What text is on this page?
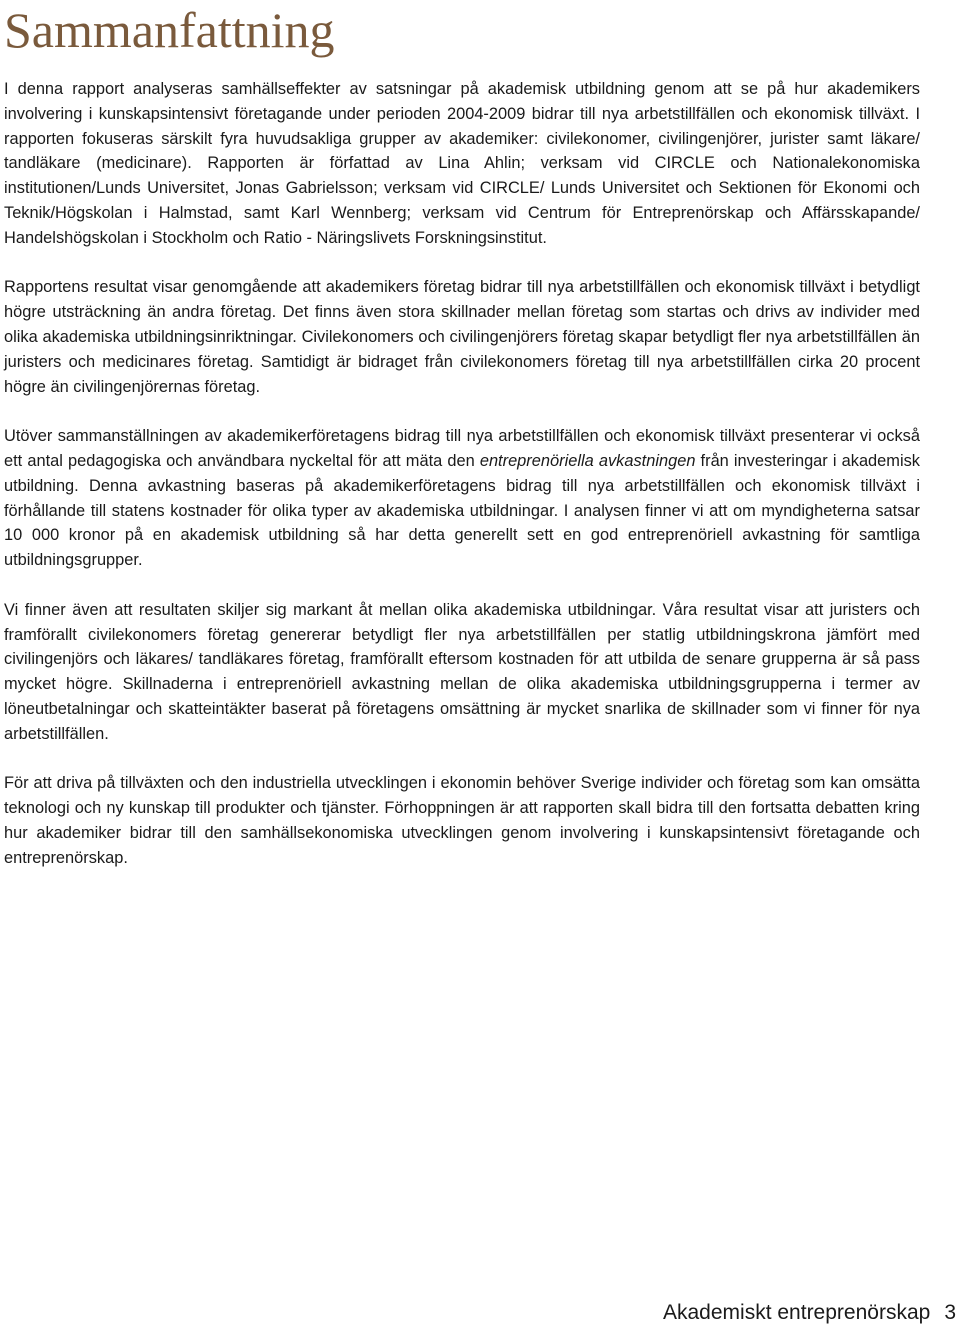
Sammanfattning

I denna rapport analyseras samhällseffekter av satsningar på akademisk utbildning genom att se på hur akademikers involvering i kunskapsintensivt företagande under perioden 2004-2009 bidrar till nya arbetstillfällen och ekonomisk tillväxt. I rapporten fokuseras särskilt fyra huvudsakliga grupper av akademiker: civilekonomer, civilingenjörer, jurister samt läkare/ tandläkare (medicinare). Rapporten är författad av Lina Ahlin; verksam vid CIRCLE och Nationalekonomiska institutionen/Lunds Universitet, Jonas Gabrielsson; verksam vid CIRCLE/ Lunds Universitet och Sektionen för Ekonomi och Teknik/Högskolan i Halmstad, samt Karl Wennberg; verksam vid Centrum för Entreprenörskap och Affärsskapande/ Handelshögskolan i Stockholm och Ratio - Näringslivets Forskningsinstitut.

Rapportens resultat visar genomgående att akademikers företag bidrar till nya arbetstillfällen och ekonomisk tillväxt i betydligt högre utsträckning än andra företag. Det finns även stora skillnader mellan företag som startas och drivs av individer med olika akademiska utbildningsinriktningar. Civilekonomers och civilingenjörers företag skapar betydligt fler nya arbetstillfällen än juristers och medicinares företag. Samtidigt är bidraget från civilekonomers företag till nya arbetstillfällen cirka 20 procent högre än civilingenjörernas företag.

Utöver sammanställningen av akademikerföretagens bidrag till nya arbetstillfällen och ekonomisk tillväxt presenterar vi också ett antal pedagogiska och användbara nyckeltal för att mäta den entreprenöriella avkastningen från investeringar i akademisk utbildning. Denna avkastning baseras på akademikerföretagens bidrag till nya arbetstillfällen och ekonomisk tillväxt i förhållande till statens kostnader för olika typer av akademiska utbildningar. I analysen finner vi att om myndigheterna satsar 10 000 kronor på en akademisk utbildning så har detta generellt sett en god entreprenöriell avkastning för samtliga utbildningsgrupper.

Vi finner även att resultaten skiljer sig markant åt mellan olika akademiska utbildningar. Våra resultat visar att juristers och framförallt civilekonomers företag genererar betydligt fler nya arbetstillfällen per statlig utbildningskrona jämfört med civilingenjörs och läkares/ tandläkares företag, framförallt eftersom kostnaden för att utbilda de senare grupperna är så pass mycket högre. Skillnaderna i entreprenöriell avkastning mellan de olika akademiska utbildningsgrupperna i termer av löneutbetalningar och skatteintäkter baserat på företagens omsättning är mycket snarlika de skillnader som vi finner för nya arbetstillfällen.

För att driva på tillväxten och den industriella utvecklingen i ekonomin behöver Sverige individer och företag som kan omsätta teknologi och ny kunskap till produkter och tjänster. Förhoppningen är att rapporten skall bidra till den fortsatta debatten kring hur akademiker bidrar till den samhällsekonomiska utvecklingen genom involvering i kunskapsintensivt företagande och entreprenörskap.

Akademiskt entreprenörskap 3
